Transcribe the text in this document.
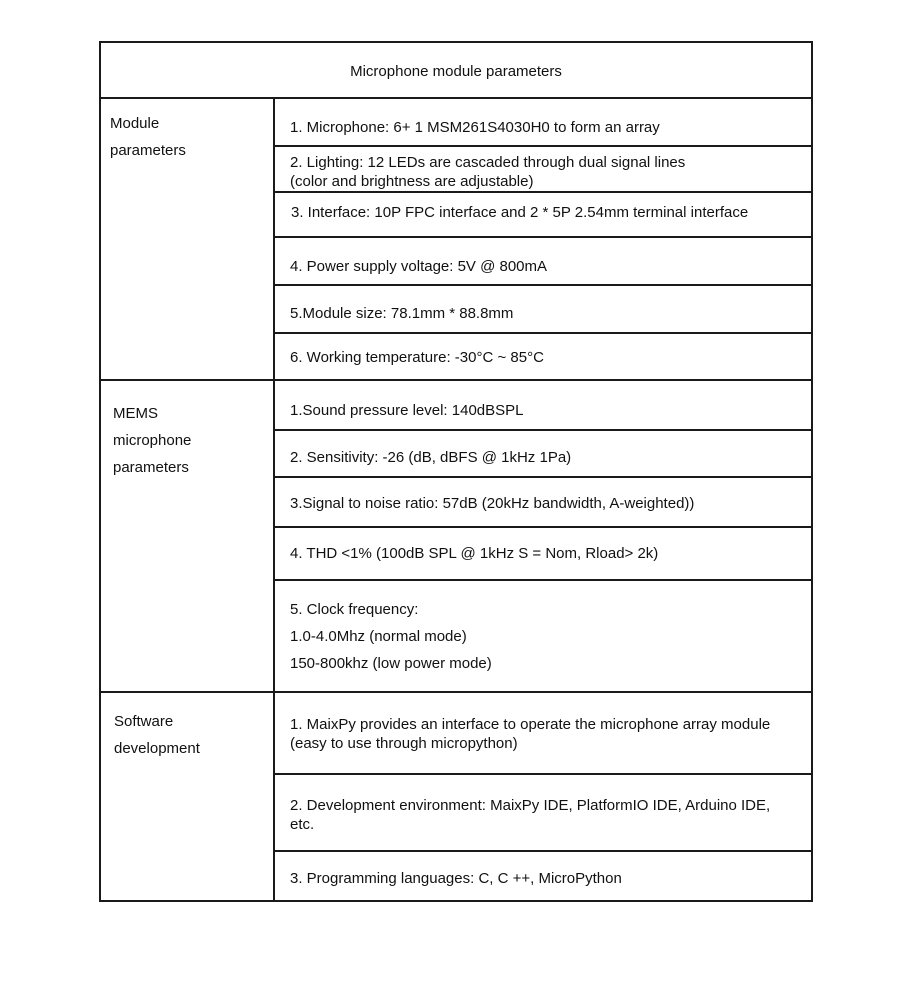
Microphone module parameters
Module
parameters
1. Microphone: 6+ 1 MSM261S4030H0 to form an array
2. Lighting: 12 LEDs are cascaded through dual signal lines
(color and brightness are adjustable)
3. Interface: 10P FPC interface and 2 * 5P 2.54mm terminal interface
4. Power supply voltage: 5V @ 800mA
5.Module size: 78.1mm * 88.8mm
6. Working temperature: -30°C ~ 85°C
MEMS
microphone
parameters
1.Sound pressure level: 140dBSPL
2. Sensitivity: -26 (dB, dBFS @ 1kHz 1Pa)
3.Signal to noise ratio: 57dB (20kHz bandwidth, A-weighted))
4. THD <1% (100dB SPL @ 1kHz S = Nom, Rload> 2k)
5. Clock frequency:
1.0-4.0Mhz (normal mode)
150-800khz (low power mode)
Software
development
1. MaixPy provides an interface to operate the microphone array module
(easy to use through micropython)
2. Development environment: MaixPy IDE, PlatformIO IDE, Arduino IDE,
etc.
3. Programming languages: C, C ++, MicroPython
